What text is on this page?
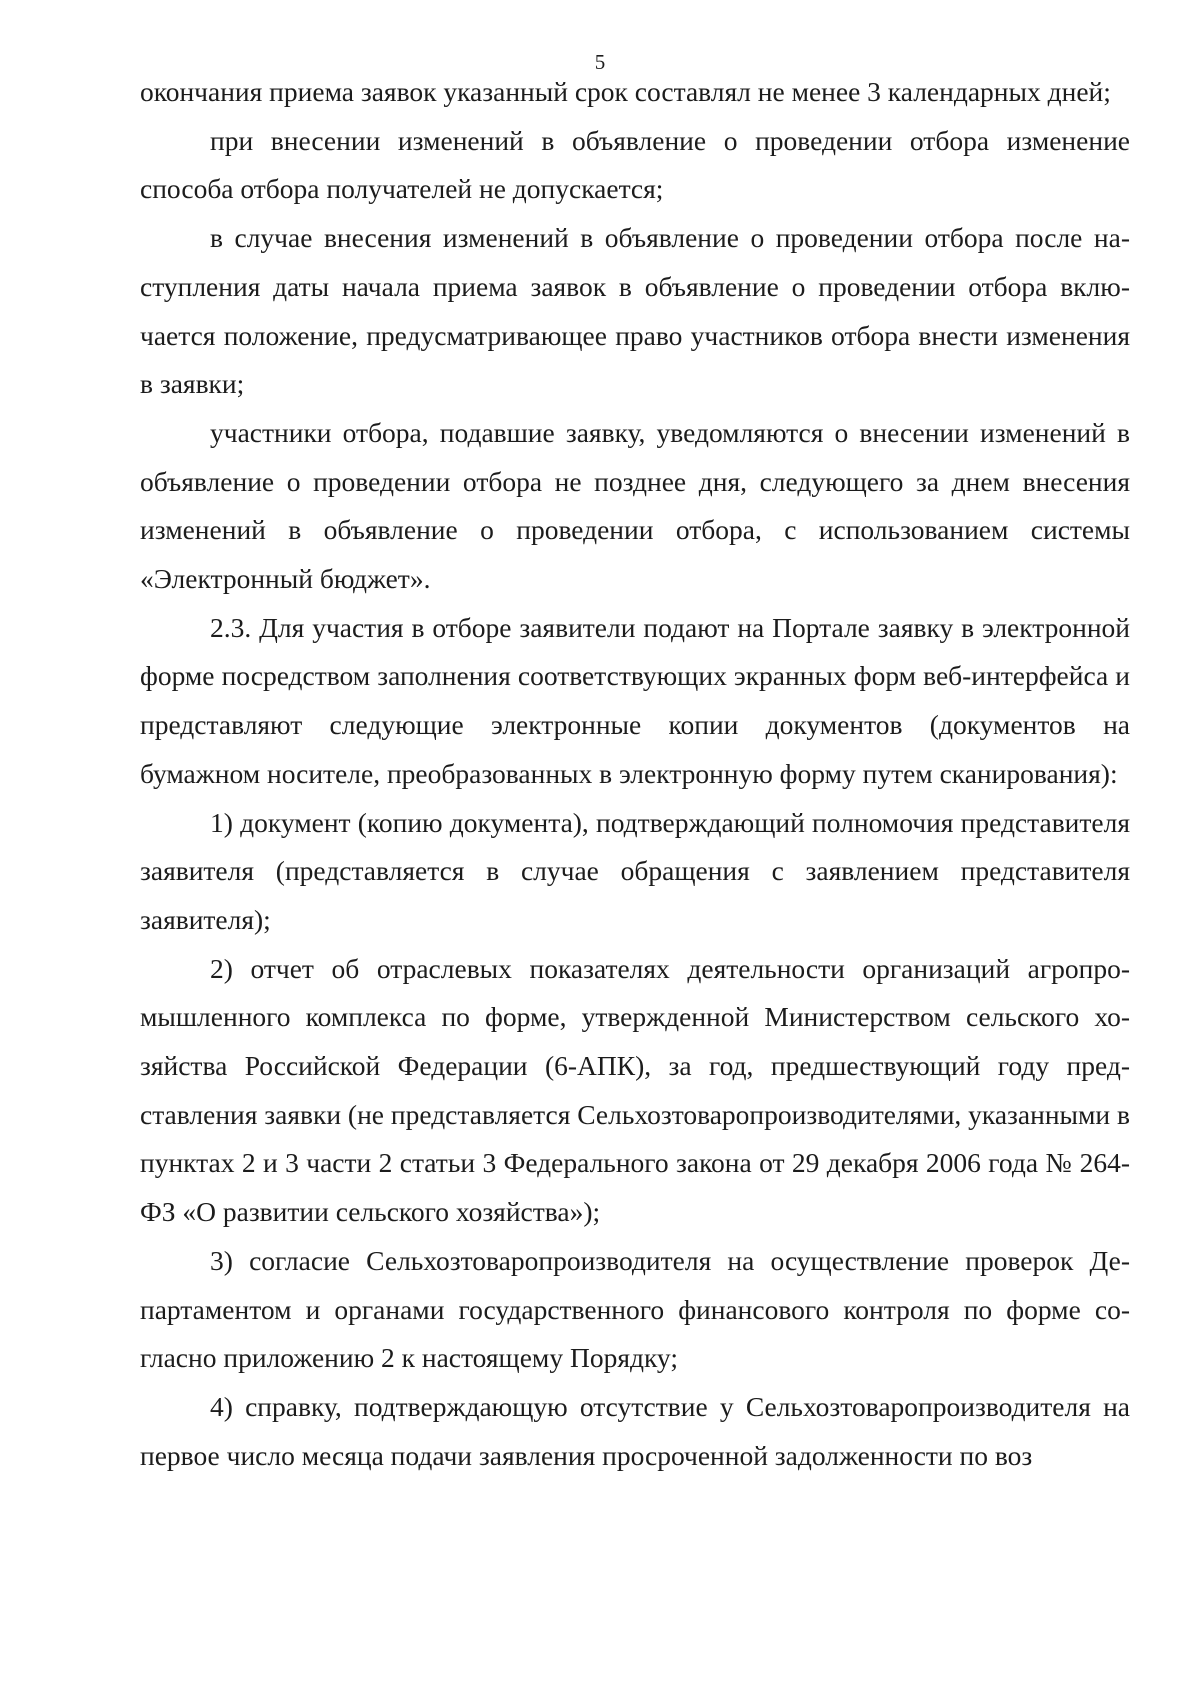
5

окончания приема заявок указанный срок составлял не менее 3 календарных дней;

при внесении изменений в объявление о проведении отбора изменение способа отбора получателей не допускается;

в случае внесения изменений в объявление о проведении отбора после наступления даты начала приема заявок в объявление о проведении отбора включается положение, предусматривающее право участников отбора внести изменения в заявки;

участники отбора, подавшие заявку, уведомляются о внесении изменений в объявление о проведении отбора не позднее дня, следующего за днем внесения изменений в объявление о проведении отбора, с использованием системы «Электронный бюджет».

2.3. Для участия в отборе заявители подают на Портале заявку в электронной форме посредством заполнения соответствующих экранных форм веб-интерфейса и представляют следующие электронные копии документов (документов на бумажном носителе, преобразованных в электронную форму путем сканирования):

1) документ (копию документа), подтверждающий полномочия представителя заявителя (представляется в случае обращения с заявлением представителя заявителя);

2) отчет об отраслевых показателях деятельности организаций агропромышленного комплекса по форме, утвержденной Министерством сельского хозяйства Российской Федерации (6-АПК), за год, предшествующий году представления заявки (не представляется Сельхозтоваропроизводителями, указанными в пунктах 2 и 3 части 2 статьи 3 Федерального закона от 29 декабря 2006 года № 264-ФЗ «О развитии сельского хозяйства»);

3) согласие Сельхозтоваропроизводителя на осуществление проверок Департаментом и органами государственного финансового контроля по форме согласно приложению 2 к настоящему Порядку;

4) справку, подтверждающую отсутствие у Сельхозтоваропроизводителя на первое число месяца подачи заявления просроченной задолженности по воз
